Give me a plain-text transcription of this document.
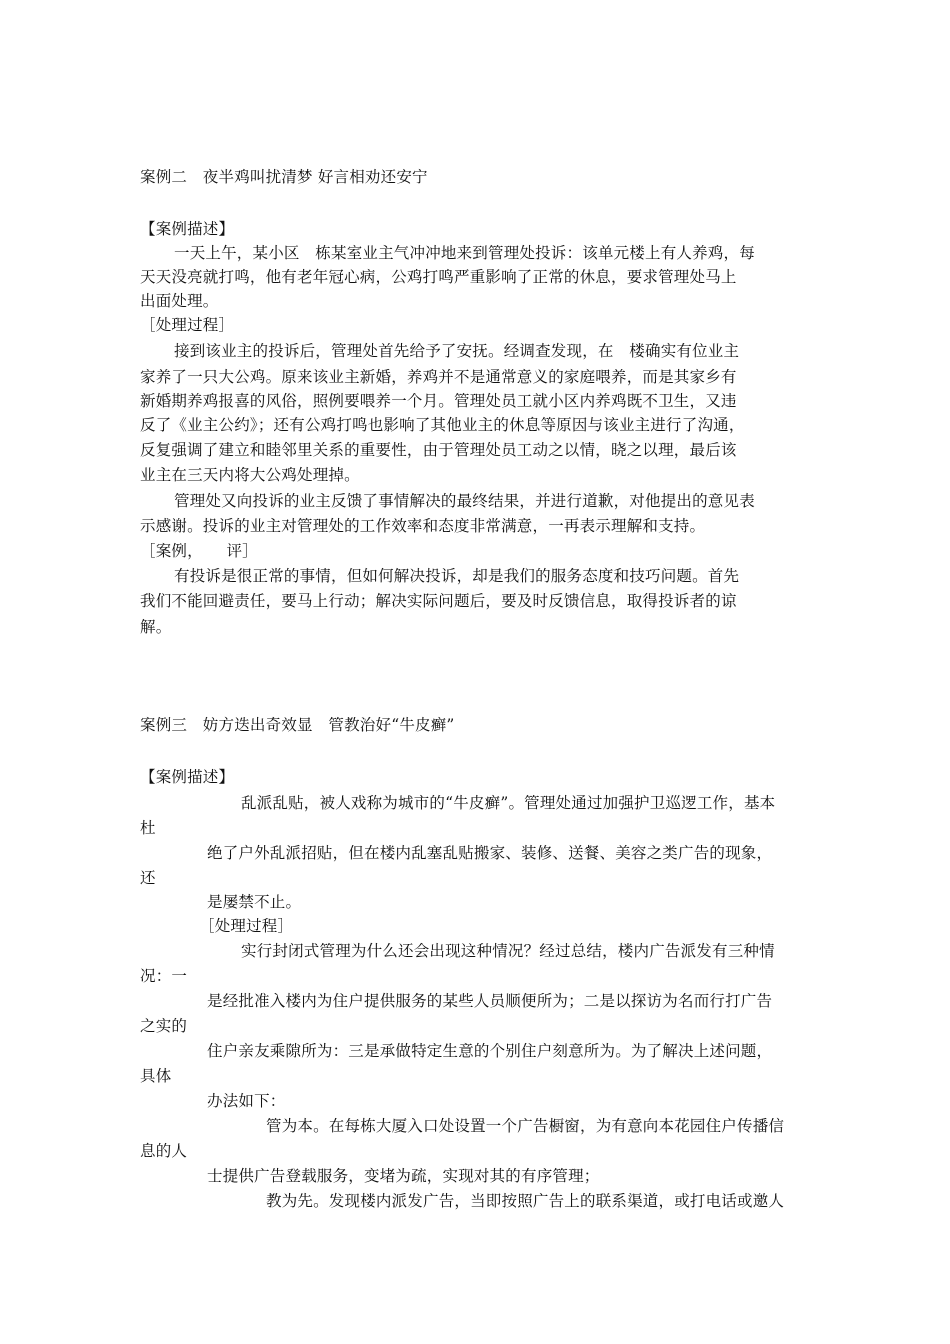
案例二　夜半鸡叫扰清梦 好言相劝还安宁
【案例描述】
一天上午，某小区　栋某室业主气冲冲地来到管理处投诉：该单元楼上有人养鸡，每
天天没亮就打鸣，他有老年冠心病，公鸡打鸣严重影响了正常的休息，要求管理处马上
出面处理。
［处理过程］
接到该业主的投诉后，管理处首先给予了安抚。经调查发现，在　楼确实有位业主
家养了一只大公鸡。原来该业主新婚，养鸡并不是通常意义的家庭喂养，而是其家乡有
新婚期养鸡报喜的风俗，照例要喂养一个月。管理处员工就小区内养鸡既不卫生，又违
反了《业主公约》；还有公鸡打鸣也影响了其他业主的休息等原因与该业主进行了沟通，
反复强调了建立和睦邻里关系的重要性，由于管理处员工动之以情，晓之以理，最后该
业主在三天内将大公鸡处理掉。
管理处又向投诉的业主反馈了事情解决的最终结果，并进行道歉，对他提出的意见表
示感谢。投诉的业主对管理处的工作效率和态度非常满意，一再表示理解和支持。
［案例，　　评］
有投诉是很正常的事情，但如何解决投诉，却是我们的服务态度和技巧问题。首先
我们不能回避责任，要马上行动；解决实际问题后，要及时反馈信息，取得投诉者的谅
解。
案例三　妨方迭出奇效显　管教治好“牛皮癣”
【案例描述】
乱派乱贴，被人戏称为城市的“牛皮癣”。管理处通过加强护卫巡逻工作，基本
杜
绝了户外乱派招贴，但在楼内乱塞乱贴搬家、装修、送餐、美容之类广告的现象，
还
是屡禁不止。
［处理过程］
实行封闭式管理为什么还会出现这种情况？经过总结，楼内广告派发有三种情
况：一
是经批准入楼内为住户提供服务的某些人员顺便所为；二是以探访为名而行打广告
之实的
住户亲友乘隙所为：三是承做特定生意的个别住户刻意所为。为了解决上述问题，
具体
办法如下：
管为本。在每栋大厦入口处设置一个广告橱窗，为有意向本花园住户传播信
息的人
士提供广告登载服务，变堵为疏，实现对其的有序管理；
教为先。发现楼内派发广告，当即按照广告上的联系渠道，或打电话或邀人
